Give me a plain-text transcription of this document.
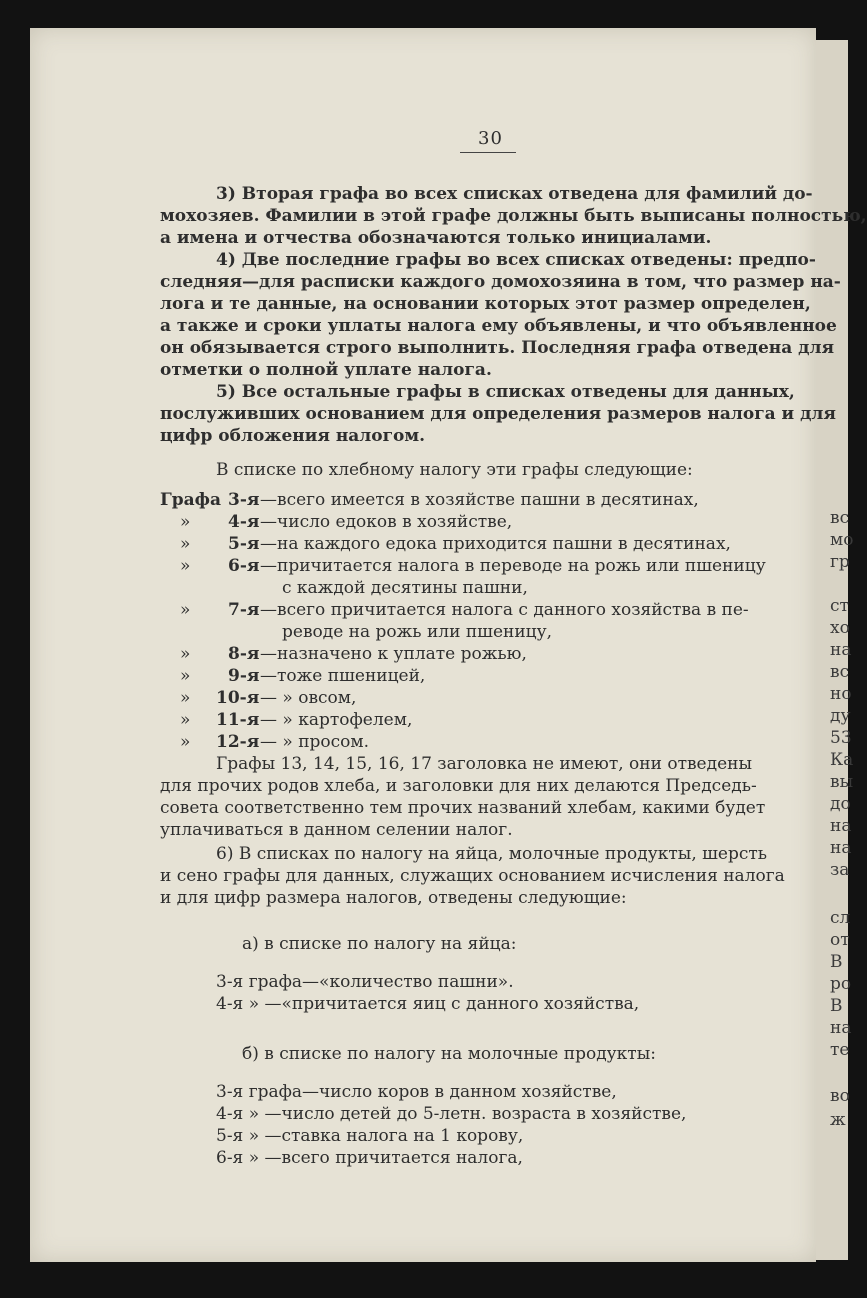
вс
мо
гр
ст
хо
на
вс
но
ду
53
Ка
вы
до
на
на
за
сл
от
В
ро
В
на
те
во
ж
30
3) Вторая графа во всех списках отведена для фамилий до-
мохозяев. Фамилии в этой графе должны быть выписаны полностью,
а имена и отчества обозначаются только инициалами.
4) Две последние графы во всех списках отведены: предпо-
следняя—для расписки каждого домохозяина в том, что размер на-
лога и те данные, на основании которых этот размер определен,
а также и сроки уплаты налога ему объявлены, и что объявленное
он обязывается строго выполнить. Последняя графа отведена для
отметки о полной уплате налога.
5) Все остальные графы в списках отведены для данных,
послуживших основанием для определения размеров налога и для
цифр обложения налогом.
В списке по хлебному налогу эти графы следующие:
Графа 3-я —всего имеется в хозяйстве пашни в десятинах,
» 4-я —число едоков в хозяйстве,
» 5-я —на каждого едока приходится пашни в десятинах,
» 6-я —причитается налога в переводе на рожь или пшеницу
с каждой десятины пашни,
» 7-я —всего причитается налога с данного хозяйства в пе-
реводе на рожь или пшеницу,
» 8-я —назначено к уплате рожью,
» 9-я —тоже пшеницей,
» 10-я — » овсом,
» 11-я — » картофелем,
» 12-я — » просом.
Графы 13, 14, 15, 16, 17 заголовка не имеют, они отведены
для прочих родов хлеба, и заголовки для них делаются Председь-
совета соответственно тем прочих названий хлебам, какими будет
уплачиваться в данном селении налог.
6) В списках по налогу на яйца, молочные продукты, шерсть
и сено графы для данных, служащих основанием исчисления налога
и для цифр размера налогов, отведены следующие:
а) в списке по налогу на яйца:
3-я графа—«количество пашни».
4-я » —«причитается яиц с данного хозяйства,
б) в списке по налогу на молочные продукты:
3-я графа—число коров в данном хозяйстве,
4-я » —число детей до 5-летн. возраста в хозяйстве,
5-я » —ставка налога на 1 корову,
6-я » —всего причитается налога,
